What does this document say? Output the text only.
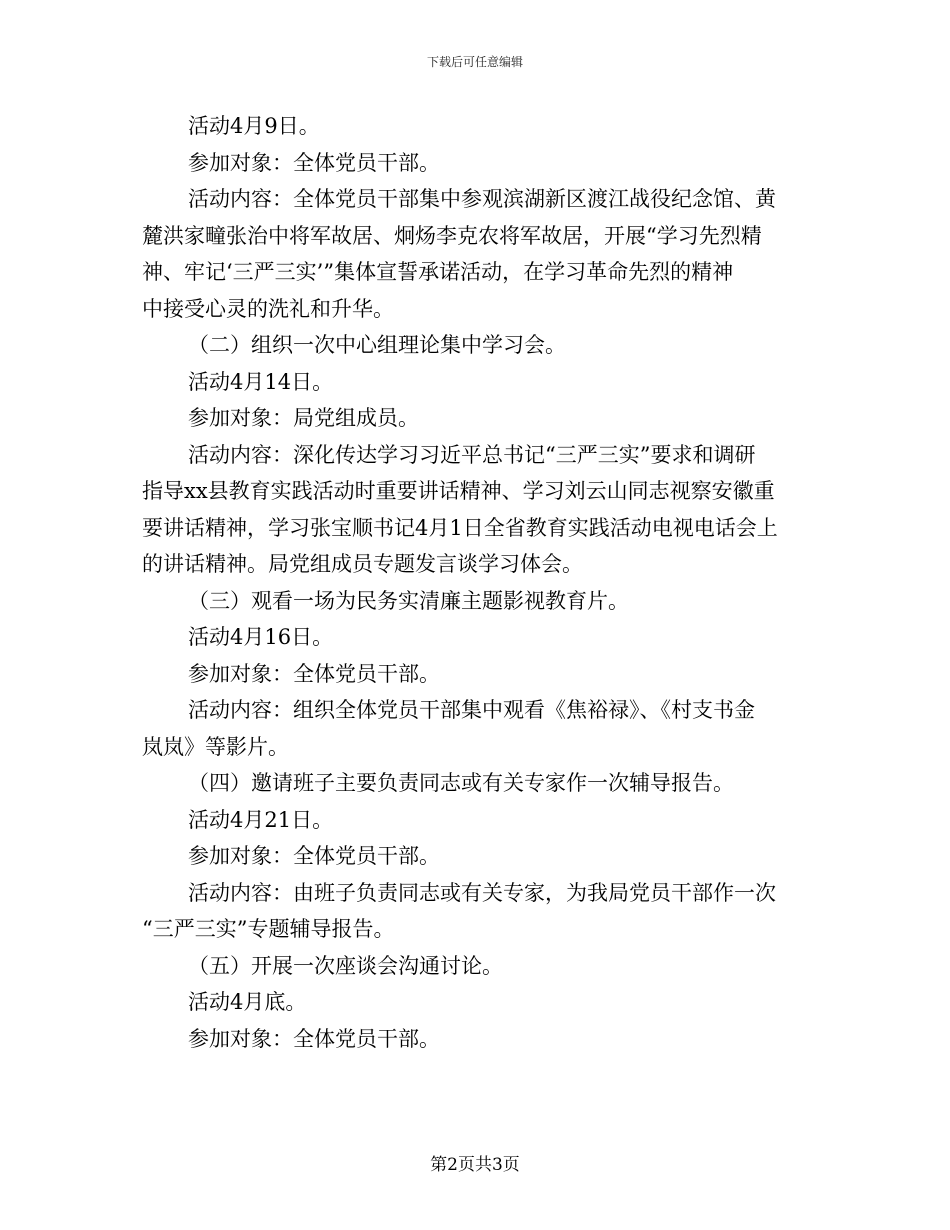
下载后可任意编辑

活动4月9日。

参加对象：全体党员干部。

活动内容：全体党员干部集中参观滨湖新区渡江战役纪念馆、黄
麓洪家疃张治中将军故居、炯炀李克农将军故居，开展“学习先烈精
神、牢记‘三严三实’”集体宣誓承诺活动，在学习革命先烈的精神
中接受心灵的洗礼和升华。

（二）组织一次中心组理论集中学习会。

活动4月14日。

参加对象：局党组成员。

活动内容：深化传达学习习近平总书记“三严三实”要求和调研
指导xx县教育实践活动时重要讲话精神、学习刘云山同志视察安徽重
要讲话精神，学习张宝顺书记4月1日全省教育实践活动电视电话会上
的讲话精神。局党组成员专题发言谈学习体会。

（三）观看一场为民务实清廉主题影视教育片。

活动4月16日。

参加对象：全体党员干部。

活动内容：组织全体党员干部集中观看《焦裕禄》、《村支书金
岚岚》等影片。

（四）邀请班子主要负责同志或有关专家作一次辅导报告。

活动4月21日。

参加对象：全体党员干部。

活动内容：由班子负责同志或有关专家，为我局党员干部作一次
“三严三实”专题辅导报告。

（五）开展一次座谈会沟通讨论。

活动4月底。

参加对象：全体党员干部。

第2页共3页
